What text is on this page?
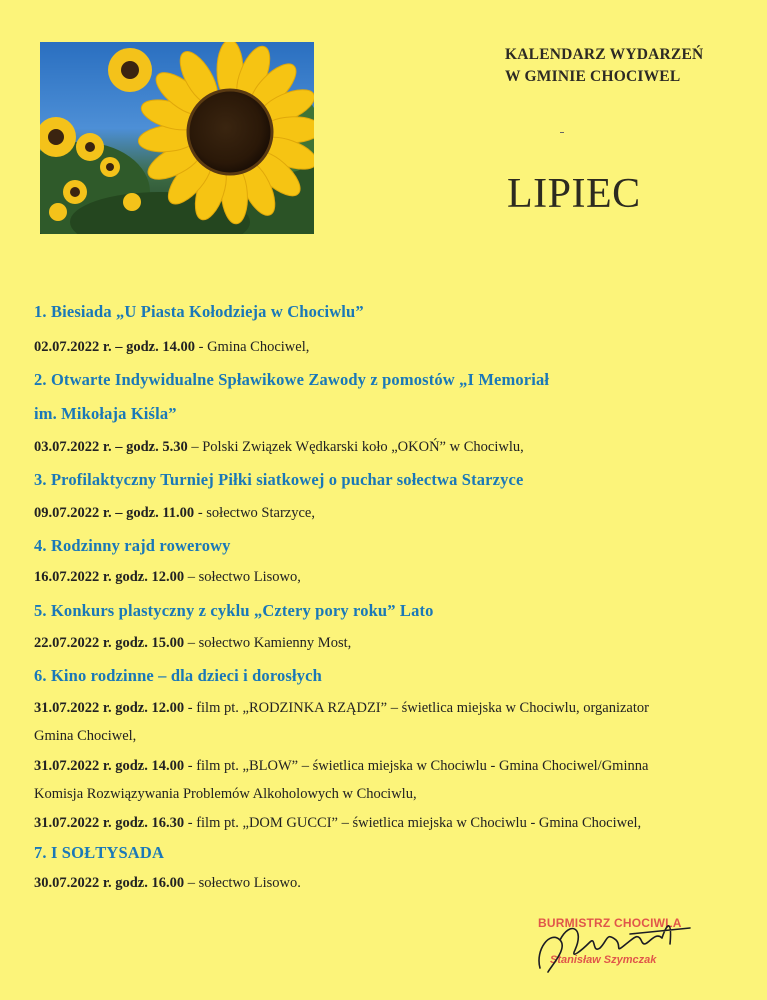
KALENDARZ WYDARZEŃ
W GMINIE CHOCIWEL
LIPIEC
1. Biesiada „U Piasta Kołodzieja w Chociwlu”
02.07.2022 r. – godz. 14.00 - Gmina Chociwel,
2. Otwarte Indywidualne Spławikowe Zawody z pomostów „I Memoriał
im. Mikołaja Kiśla”
03.07.2022 r. – godz. 5.30 – Polski Związek Wędkarski koło „OKOŃ” w Chociwlu,
3. Profilaktyczny Turniej Piłki siatkowej o puchar sołectwa Starzyce
09.07.2022 r. – godz. 11.00 - sołectwo Starzyce,
4. Rodzinny rajd rowerowy
16.07.2022 r. godz. 12.00 – sołectwo Lisowo,
5. Konkurs plastyczny z cyklu „Cztery pory roku” Lato
22.07.2022 r. godz. 15.00 – sołectwo Kamienny Most,
6. Kino rodzinne – dla dzieci i dorosłych
31.07.2022 r. godz. 12.00 - film pt. „RODZINKA RZĄDZI” – świetlica miejska w Chociwlu, organizator
Gmina Chociwel,
31.07.2022 r. godz. 14.00 - film pt. „BLOW” – świetlica miejska w Chociwlu - Gmina Chociwel/Gminna
Komisja Rozwiązywania Problemów Alkoholowych w Chociwlu,
31.07.2022 r. godz. 16.30 - film pt. „DOM GUCCI” – świetlica miejska w Chociwlu - Gmina Chociwel,
7. I SOŁTYSADA
30.07.2022 r. godz. 16.00 – sołectwo Lisowo.
BURMISTRZ CHOCIWLA
Stanisław Szymczak
